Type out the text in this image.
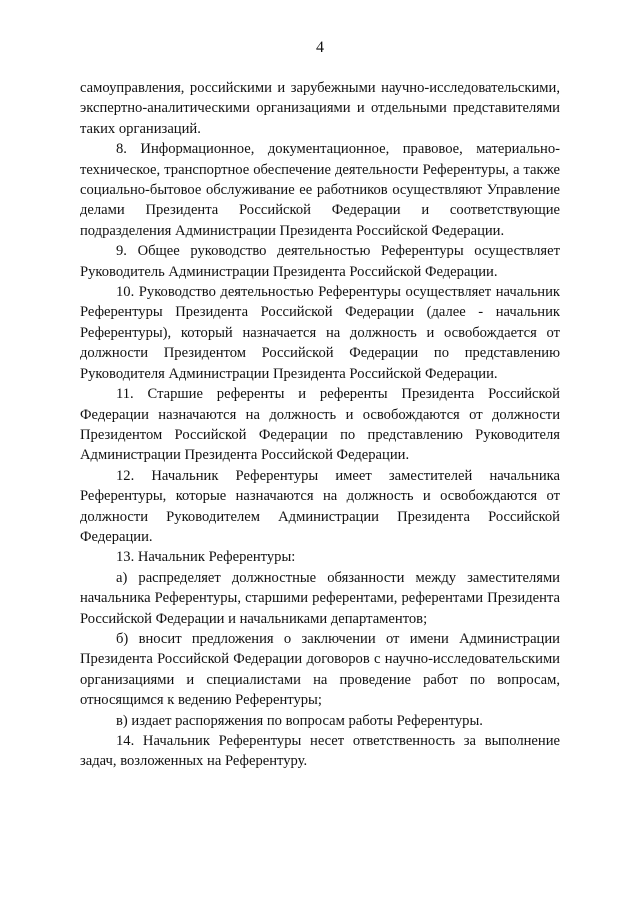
4

самоуправления, российскими и зарубежными научно-исследовательскими, экспертно-аналитическими организациями и отдельными представителями таких организаций.

8. Информационное, документационное, правовое, материально-техническое, транспортное обеспечение деятельности Референтуры, а также социально-бытовое обслуживание ее работников осуществляют Управление делами Президента Российской Федерации и соответствующие подразделения Администрации Президента Российской Федерации.

9. Общее руководство деятельностью Референтуры осуществляет Руководитель Администрации Президента Российской Федерации.

10. Руководство деятельностью Референтуры осуществляет начальник Референтуры Президента Российской Федерации (далее - начальник Референтуры), который назначается на должность и освобождается от должности Президентом Российской Федерации по представлению Руководителя Администрации Президента Российской Федерации.

11. Старшие референты и референты Президента Российской Федерации назначаются на должность и освобождаются от должности Президентом Российской Федерации по представлению Руководителя Администрации Президента Российской Федерации.

12. Начальник Референтуры имеет заместителей начальника Референтуры, которые назначаются на должность и освобождаются от должности Руководителем Администрации Президента Российской Федерации.

13. Начальник Референтуры:

а) распределяет должностные обязанности между заместителями начальника Референтуры, старшими референтами, референтами Президента Российской Федерации и начальниками департаментов;

б) вносит предложения о заключении от имени Администрации Президента Российской Федерации договоров с научно-исследовательскими организациями и специалистами на проведение работ по вопросам, относящимся к ведению Референтуры;

в) издает распоряжения по вопросам работы Референтуры.

14. Начальник Референтуры несет ответственность за выполнение задач, возложенных на Референтуру.
